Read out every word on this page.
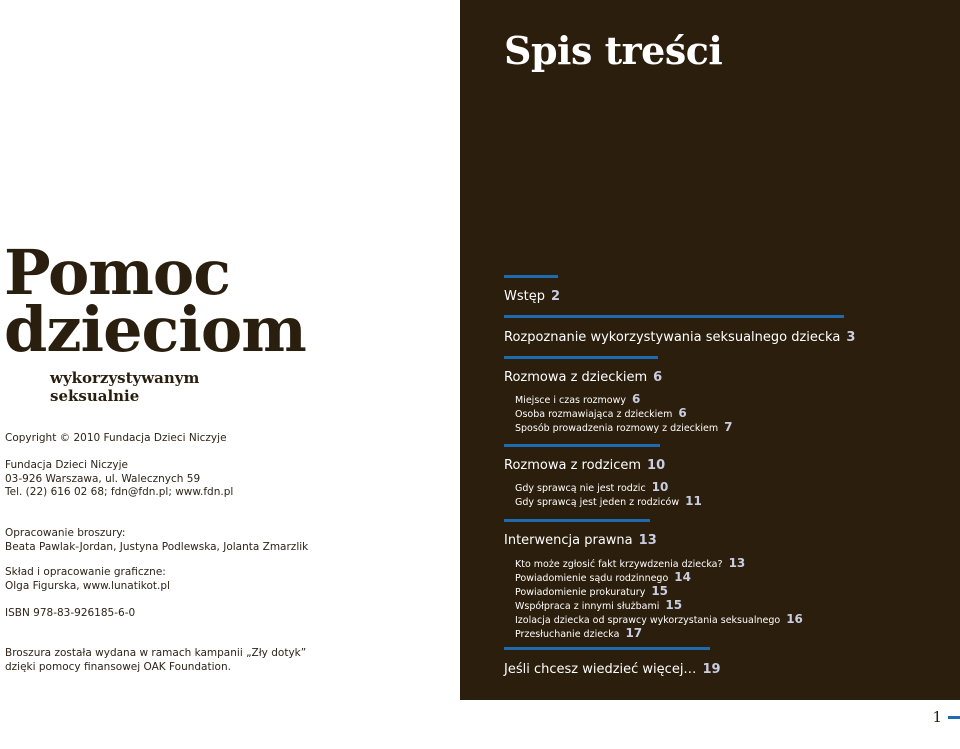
Pomoc
dzieciom
wykorzystywanym
seksualnie
Copyright © 2010 Fundacja Dzieci Niczyje
Fundacja Dzieci Niczyje
03-926 Warszawa, ul. Walecznych 59
Tel. (22) 616 02 68; fdn@fdn.pl; www.fdn.pl
Opracowanie broszury:
Beata Pawlak-Jordan, Justyna Podlewska, Jolanta Zmarzlik
Skład i opracowanie graficzne:
Olga Figurska, www.lunatikot.pl
ISBN 978-83-926185-6-0
Broszura została wydana w ramach kampanii „Zły dotyk”
dzięki pomocy finansowej OAK Foundation.
Spis treści
Wstęp 2
Rozpoznanie wykorzystywania seksualnego dziecka 3
Rozmowa z dzieckiem 6
Miejsce i czas rozmowy 6
Osoba rozmawiająca z dzieckiem 6
Sposób prowadzenia rozmowy z dzieckiem 7
Rozmowa z rodzicem 10
Gdy sprawcą nie jest rodzic 10
Gdy sprawcą jest jeden z rodziców 11
Interwencja prawna 13
Kto może zgłosić fakt krzywdzenia dziecka? 13
Powiadomienie sądu rodzinnego 14
Powiadomienie prokuratury 15
Współpraca z innymi służbami 15
Izolacja dziecka od sprawcy wykorzystania seksualnego 16
Przesłuchanie dziecka 17
Jeśli chcesz wiedzieć więcej… 19
1
